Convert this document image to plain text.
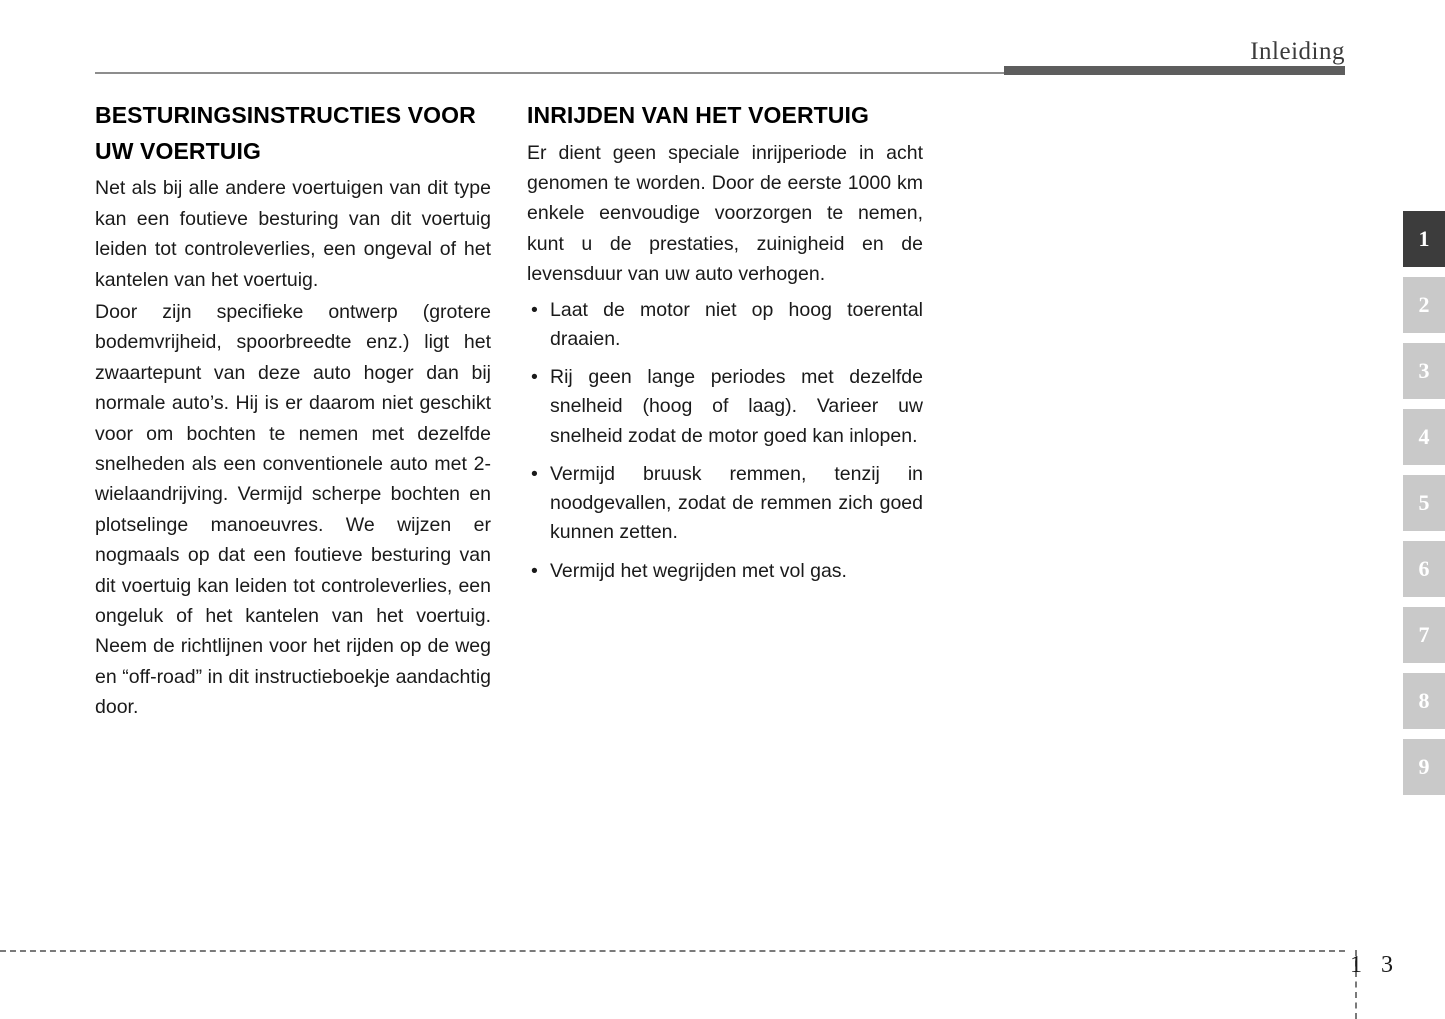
Inleiding
BESTURINGSINSTRUCTIES VOOR UW VOERTUIG

Net als bij alle andere voertuigen van dit type kan een foutieve besturing van dit voertuig leiden tot controleverlies, een ongeval of het kantelen van het voertuig.

Door zijn specifieke ontwerp (grotere bodemvrijheid, spoorbreedte enz.) ligt het zwaartepunt van deze auto hoger dan bij normale auto’s. Hij is er daarom niet geschikt voor om bochten te nemen met dezelfde snelheden als een conventionele auto met 2-wielaandrijving. Vermijd scherpe bochten en plotselinge manoeuvres. We wijzen er nogmaals op dat een foutieve besturing van dit voertuig kan leiden tot controleverlies, een ongeluk of het kantelen van het voertuig. Neem de richtlijnen voor het rijden op de weg en “off-road” in dit instructieboekje aandachtig door.

INRIJDEN VAN HET VOERTUIG

Er dient geen speciale inrijperiode in acht genomen te worden. Door de eerste 1000 km enkele eenvoudige voorzorgen te nemen, kunt u de prestaties, zuinigheid en de levensduur van uw auto verhogen.

• Laat de motor niet op hoog toerental draaien.
• Rij geen lange periodes met dezelfde snelheid (hoog of laag). Varieer uw snelheid zodat de motor goed kan inlopen.
• Vermijd bruusk remmen, tenzij in noodgevallen, zodat de remmen zich goed kunnen zetten.
• Vermijd het wegrijden met vol gas.
1
2
3
4
5
6
7
8
9
1 3
